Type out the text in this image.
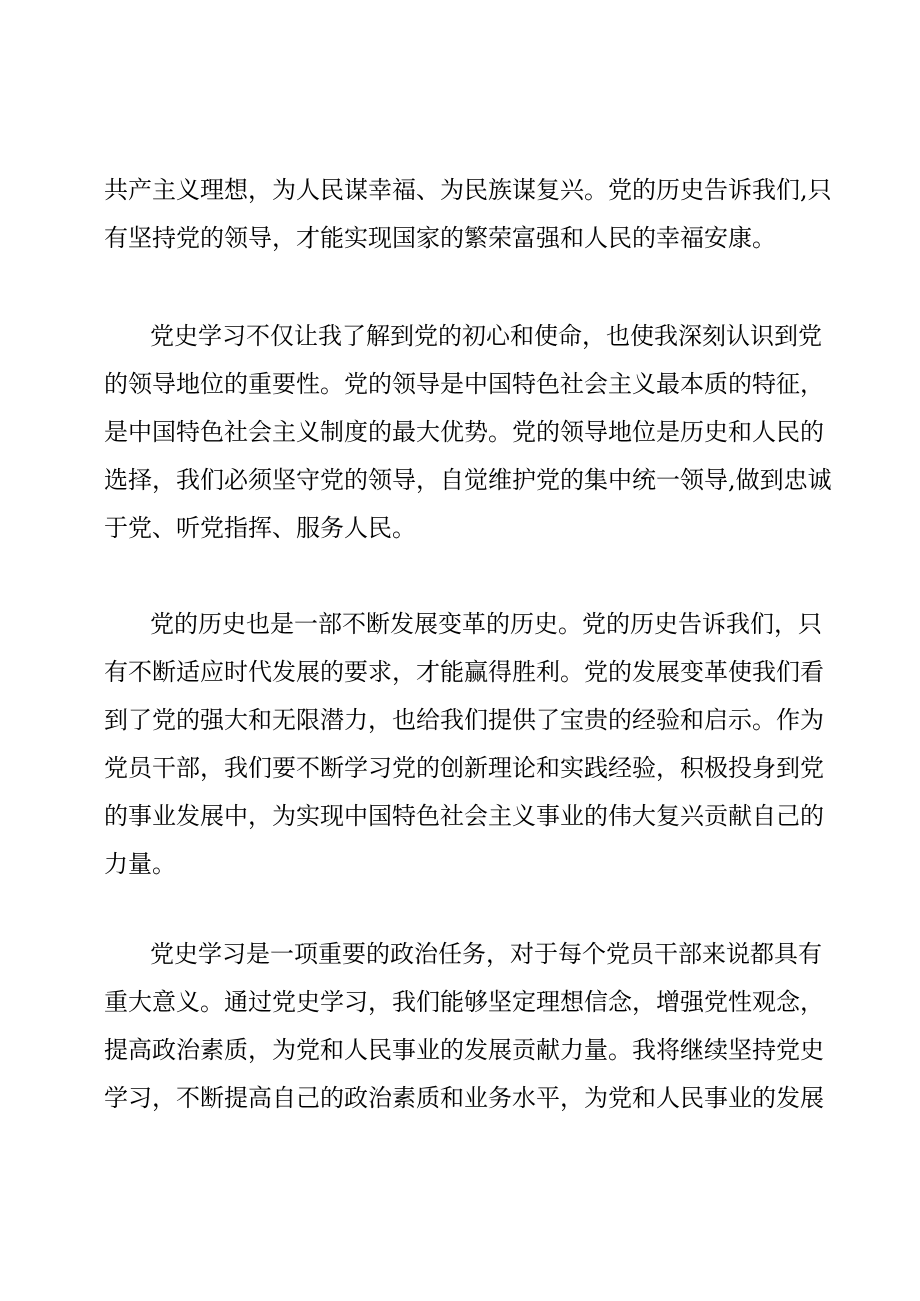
共产主义理想，为人民谋幸福、为民族谋复兴。党的历史告诉我们,只
有坚持党的领导，才能实现国家的繁荣富强和人民的幸福安康。
党史学习不仅让我了解到党的初心和使命，也使我深刻认识到党
的领导地位的重要性。党的领导是中国特色社会主义最本质的特征，
是中国特色社会主义制度的最大优势。党的领导地位是历史和人民的
选择，我们必须坚守党的领导，自觉维护党的集中统一领导,做到忠诚
于党、听党指挥、服务人民。
党的历史也是一部不断发展变革的历史。党的历史告诉我们，只
有不断适应时代发展的要求，才能赢得胜利。党的发展变革使我们看
到了党的强大和无限潜力，也给我们提供了宝贵的经验和启示。作为
党员干部，我们要不断学习党的创新理论和实践经验，积极投身到党
的事业发展中，为实现中国特色社会主义事业的伟大复兴贡献自己的
力量。
党史学习是一项重要的政治任务，对于每个党员干部来说都具有
重大意义。通过党史学习，我们能够坚定理想信念，增强党性观念，
提高政治素质，为党和人民事业的发展贡献力量。我将继续坚持党史
学习，不断提高自己的政治素质和业务水平，为党和人民事业的发展
